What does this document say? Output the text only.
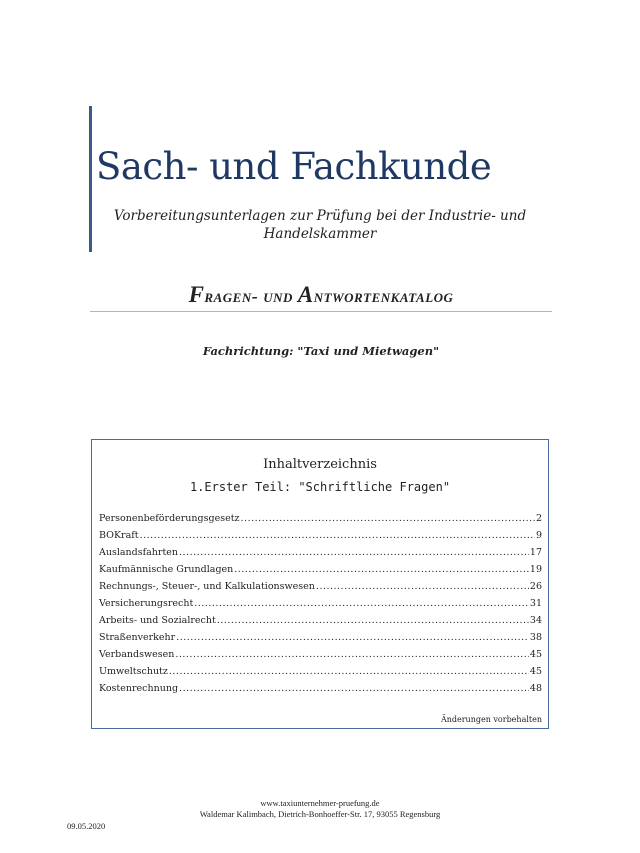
Sach- und Fachkunde
Vorbereitungsunterlagen zur Prüfung bei der Industrie- und Handelskammer
Fragen- und Antwortenkatalog
Fachrichtung: "Taxi und Mietwagen"
Inhaltverzeichnis
1.Erster Teil: "Schriftliche Fragen"
Personenbeförderungsgesetz .....	2
BOKraft .....	9
Auslandsfahrten .....	17
Kaufmännische Grundlagen .....	19
Rechnungs-, Steuer-, und Kalkulationswesen .....	26
Versicherungsrecht .....	31
Arbeits- und Sozialrecht .....	34
Straßenverkehr .....	38
Verbandswesen .....	45
Umweltschutz .....	45
Kostenrechnung .....	48
Änderungen vorbehalten
www.taxiunternehmer-pruefung.de
Waldemar Kalimbach, Dietrich-Bonhoeffer-Str. 17, 93055 Regensburg
09.05.2020
